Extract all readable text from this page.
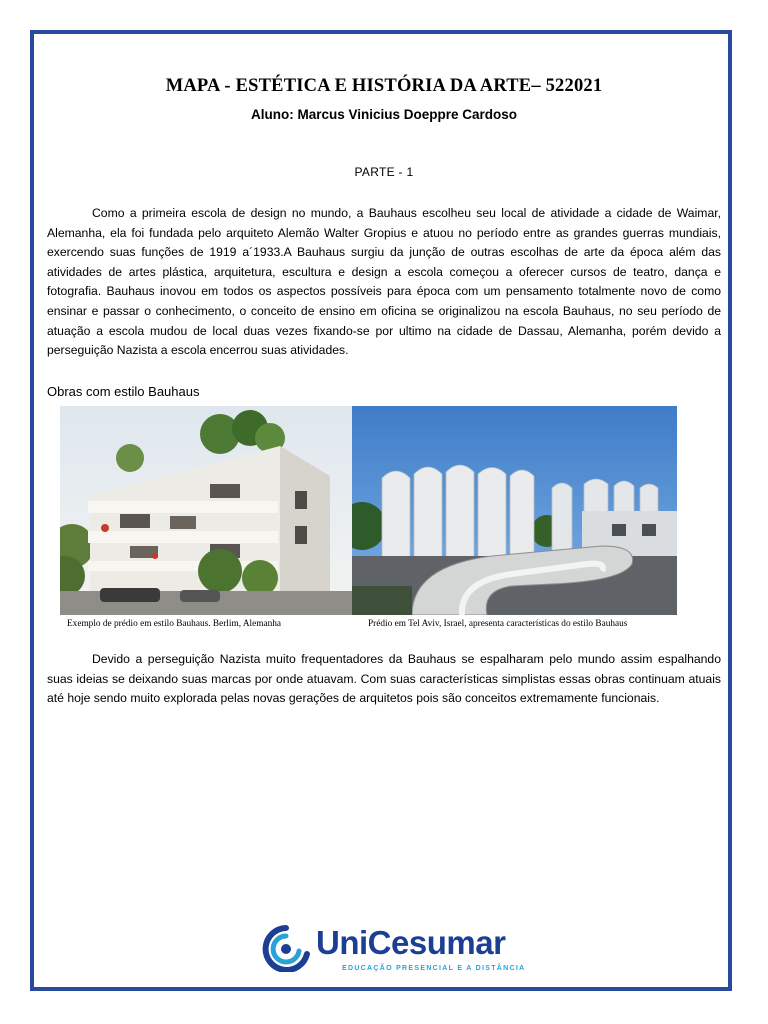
MAPA - ESTÉTICA E HISTÓRIA DA ARTE– 522021
Aluno: Marcus Vinicius Doeppre Cardoso
PARTE - 1

Como a primeira escola de design no mundo, a Bauhaus escolheu seu local de atividade a cidade de Waimar, Alemanha, ela foi fundada pelo arquiteto Alemão Walter Gropius e atuou no período entre as grandes guerras mundiais, exercendo suas funções de 1919 a´1933.A Bauhaus surgiu da junção de outras escolhas de arte da época além das atividades de artes plástica, arquitetura, escultura e design a escola começou a oferecer cursos de teatro, dança e fotografia. Bauhaus inovou em todos os aspectos possíveis para época com um pensamento totalmente novo de como ensinar e passar o conhecimento, o conceito de ensino em oficina se originalizou na escola Bauhaus, no seu período de atuação a escola mudou de local duas vezes fixando-se por ultimo na cidade de Dassau, Alemanha, porém devido a perseguição Nazista a escola encerrou suas atividades.

Obras com estilo Bauhaus
Exemplo de prédio em estilo Bauhaus. Berlim, Alemanha	Prédio em Tel Aviv, Israel, apresenta características do estilo Bauhaus

Devido a perseguição Nazista muito frequentadores da Bauhaus se espalharam pelo mundo assim espalhando suas ideias se deixando suas marcas por onde atuavam. Com suas características simplistas essas obras continuam atuais até hoje sendo muito explorada pelas novas gerações de arquitetos pois são conceitos extremamente funcionais.

UniCesumar
EDUCAÇÃO PRESENCIAL E A DISTÂNCIA
